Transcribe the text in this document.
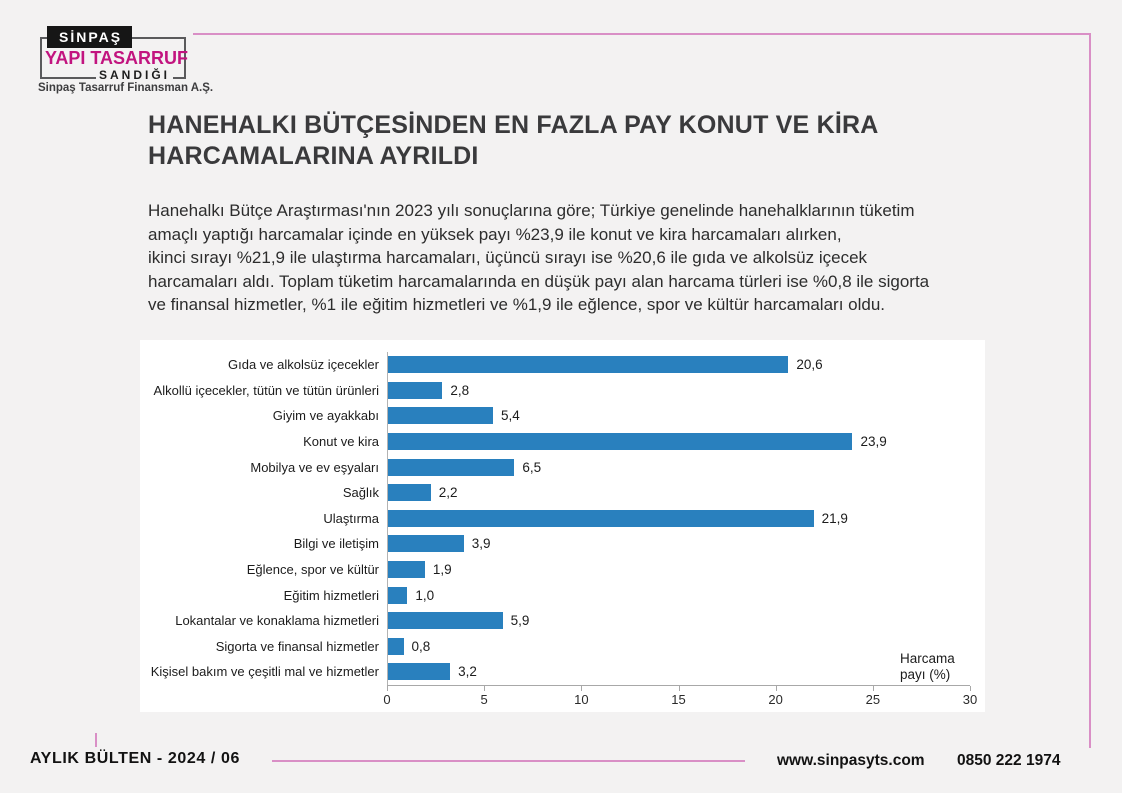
SİNPAŞ
YAPI TASARRUF
SANDIĞI
Sinpaş Tasarruf Finansman A.Ş.
HANEHALKI BÜTÇESİNDEN EN FAZLA PAY KONUT VE KİRA
HARCAMALARINA AYRILDI
Hanehalkı Bütçe Araştırması'nın 2023 yılı sonuçlarına göre; Türkiye genelinde hanehalklarının tüketim
amaçlı yaptığı harcamalar içinde en yüksek payı %23,9 ile konut ve kira harcamaları alırken,
ikinci sırayı %21,9 ile ulaştırma harcamaları, üçüncü sırayı ise %20,6 ile gıda ve alkolsüz içecek
harcamaları aldı. Toplam tüketim harcamalarında en düşük payı alan harcama türleri ise %0,8 ile sigorta
ve finansal hizmetler, %1 ile eğitim hizmetleri ve %1,9 ile eğlence, spor ve kültür harcamaları oldu.
Gıda ve alkolsüz içecekler	20,6
Alkollü içecekler, tütün ve tütün ürünleri	2,8
Giyim ve ayakkabı	5,4
Konut ve kira	23,9
Mobilya ve ev eşyaları	6,5
Sağlık	2,2
Ulaştırma	21,9
Bilgi ve iletişim	3,9
Eğlence, spor ve kültür	1,9
Eğitim hizmetleri	1,0
Lokantalar ve konaklama hizmetleri	5,9
Sigorta ve finansal hizmetler	0,8
Kişisel bakım ve çeşitli mal ve hizmetler	3,2
Harcama
payı (%)
0	5	10	15	20	25	30
AYLIK BÜLTEN - 2024 / 06	www.sinpasyts.com 0850 222 1974
